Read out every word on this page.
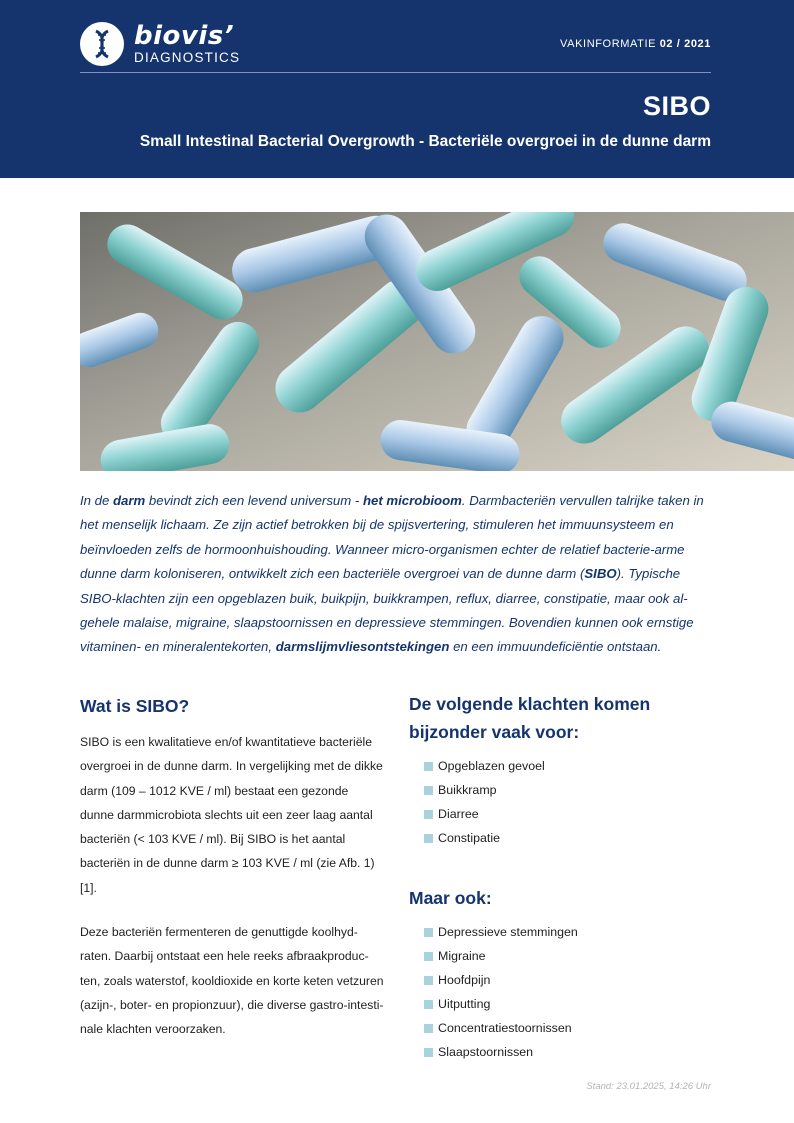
biovis’
DIAGNOSTICS
VAKINFORMATIE 02 / 2021
SIBO
Small Intestinal Bacterial Overgrowth - Bacteriële overgroei in de dunne darm
In de darm bevindt zich een levend universum - het microbioom. Darmbacteriën vervullen talrijke taken in het menselijk lichaam. Ze zijn actief betrokken bij de spijsvertering, stimuleren het immuunsysteem en beïnvloeden zelfs de hormoonhuishouding. Wanneer micro-organismen echter de relatief bacterie-arme dunne darm koloniseren, ontwikkelt zich een bacteriële overgroei van de dunne darm (SIBO). Typische SIBO-klachten zijn een opgeblazen buik, buikpijn, buikkrampen, reflux, diarree, constipatie, maar ook algehele malaise, migraine, slaapstoornissen en depressieve stemmingen. Bovendien kunnen ook ernstige vitaminen- en mineralentekorten, darmslijmvliesontstekingen en een immuundeficiëntie ontstaan.
Wat is SIBO?

SIBO is een kwalitatieve en/of kwantitatieve bacteriële overgroei in de dunne darm. In vergelijking met de dikke darm (109 – 1012 KVE / ml) bestaat een gezonde dunne darmmicrobiota slechts uit een zeer laag aantal bacteriën (< 103 KVE / ml). Bij SIBO is het aantal bacteriën in de dunne darm ≥ 103 KVE / ml (zie Afb. 1) [1].

Deze bacteriën fermenteren de genuttigde koolhydraten. Daarbij ontstaat een hele reeks afbraakproducten, zoals waterstof, kooldioxide en korte keten vetzuren (azijn-, boter- en propionzuur), die diverse gastro-intestinale klachten veroorzaken.

De volgende klachten komen bijzonder vaak voor:
Opgeblazen gevoel
Buikkramp
Diarree
Constipatie
Maar ook:
Depressieve stemmingen
Migraine
Hoofdpijn
Uitputting
Concentratiestoornissen
Slaapstoornissen
Stand: 23.01.2025, 14:26 Uhr
